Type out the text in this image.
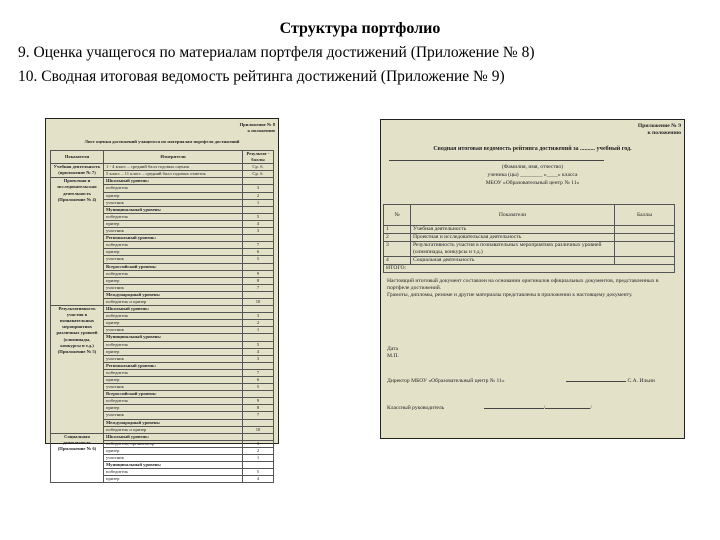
Структура портфолио
9. Оценка учащегося по материалам портфеля достижений (Приложение № 8)
10. Сводная итоговая ведомость рейтинга достижений (Приложение № 9)
Приложение № 8
к положению
Лист оценки достижений учащегося по материалам портфеля достижений
Показатели	Измерители	Результат - баллы
Учебная деятельность (приложение № 7)	1 - 4 класс – средний балл годовых оценок	Ср. б.
	5 класс – 11 класс – средний балл годовых отметок	Ср. б.
Проектная и исследовательская деятельность (Приложение № 4)	Школьный уровень:	
	победитель	3
	призер	2
	участник	1
	Муниципальный уровень:	
	победитель	5
	призер	4
	участник	3
	Региональный уровень:	
	победитель	7
	призер	6
	участник	5
	Всероссийский уровень:	
	победитель	9
	призер	8
	участник	7
	Международный уровень:	
	победитель и призер	10
Результативность участия в познавательных мероприятиях различных уровней (олимпиады, конкурсы и т.д.) (Приложение № 5)	Школьный уровень:	
	победитель	3
	призер	2
	участник	1
	Муниципальный уровень:	
	победитель	5
	призер	4
	участник	3
	Региональный уровень:	
	победитель	7
	призер	6
	участник	5
	Всероссийский уровень:	
	победитель	9
	призер	8
	участник	7
	Международный уровень:	
	победитель и призер	10
Социальная деятельность (Приложение № 6)	Школьный уровень:	
	победитель, организатор	3
	призер	2
	участник	1
	Муниципальный уровень:	
	победитель	5
	призер	4
Приложение № 9
к положению
Сводная итоговая ведомость рейтинга достижений за .......... учебный год.
(Фамилия, имя, отчество)
ученика (цы) ________ «____» класса
МБОУ «Образовательный центр № 11»
№	Показатели	Баллы
1	Учебная деятельность	
2	Проектная и исследовательская деятельность	
3	Результативность участия в познавательных мероприятиях различных уровней (олимпиады, конкурсы и т.д.)	
4	Социальная деятельность	
ИТОГО:		
Настоящий итоговый документ составлен на основании оригиналов официальных документов, представленных в портфеле достижений.
Грамоты, дипломы, резюме и другие материалы представлены в приложении к настоящему документу.
Дата
М.П.
Директор МБОУ «Образовательный центр № 11»	С.А. Ильин
Классный руководитель	/	/
